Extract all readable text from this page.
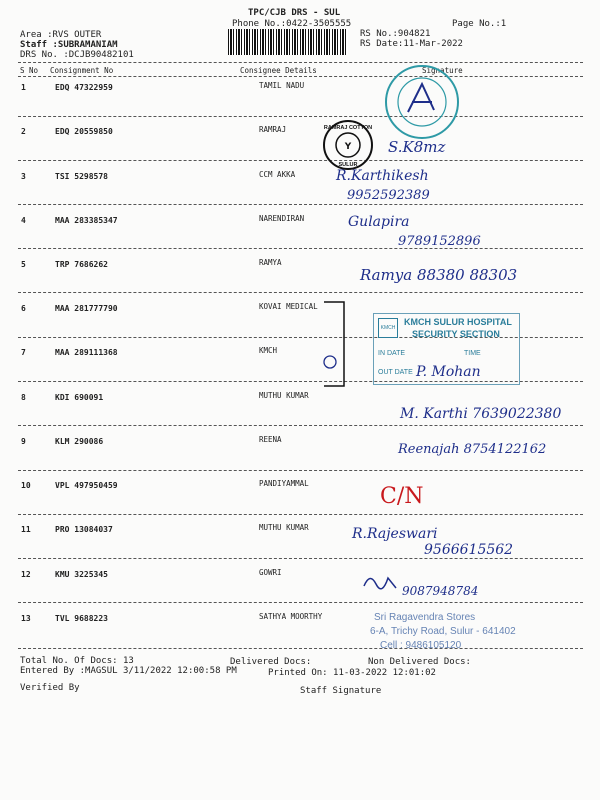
TPC/CJB DRS - SUL
Phone No.:0422-3505555	Page No.:1
Area :RVS OUTER
Staff :SUBRAMANIAM
DRS No. :DCJB90482101
RS No.:904821
RS Date:11-Mar-2022
S No Consignment No	Consignee Details	Signature
1	EDQ 47322959	TAMIL NADU
2	EDQ 20559850	RAMRAJ
3	TSI 5298578	CCM AKKA
4	MAA 283385347	NARENDIRAN
5	TRP 7686262	RAMYA
6	MAA 281777790	KOVAI MEDICAL
7	MAA 289111368	KMCH
8	KDI 690091	MUTHU KUMAR
9	KLM 290086	REENA
10	VPL 497950459	PANDIYAMMAL
11	PRO 13084037	MUTHU KUMAR
12	KMU 3225345	GOWRI
13	TVL 9688223	SATHYA MOORTHY
Y
RAMRAJ COTTON
SULUR
KMCH
KMCH SULUR HOSPITAL
SECURITY SECTION
IN DATE	TIME
OUT DATE
Sri Ragavendra Stores
6-A, Trichy Road, Sulur - 641402
Cell : 9486105120
S.K8mz
R.Karthikesh
9952592389
Gulapira
9789152896
Ramya 88380 88303
P. Mohan
M. Karthi 7639022380
Reenajah 8754122162
C/N
R.Rajeswari
9566615562
9087948784
Total No. Of Docs: 13	Delivered Docs:	Non Delivered Docs:
Entered By :MAGSUL 3/11/2022 12:00:58 PM	Printed On: 11-03-2022 12:01:02
Verified By	Staff Signature
